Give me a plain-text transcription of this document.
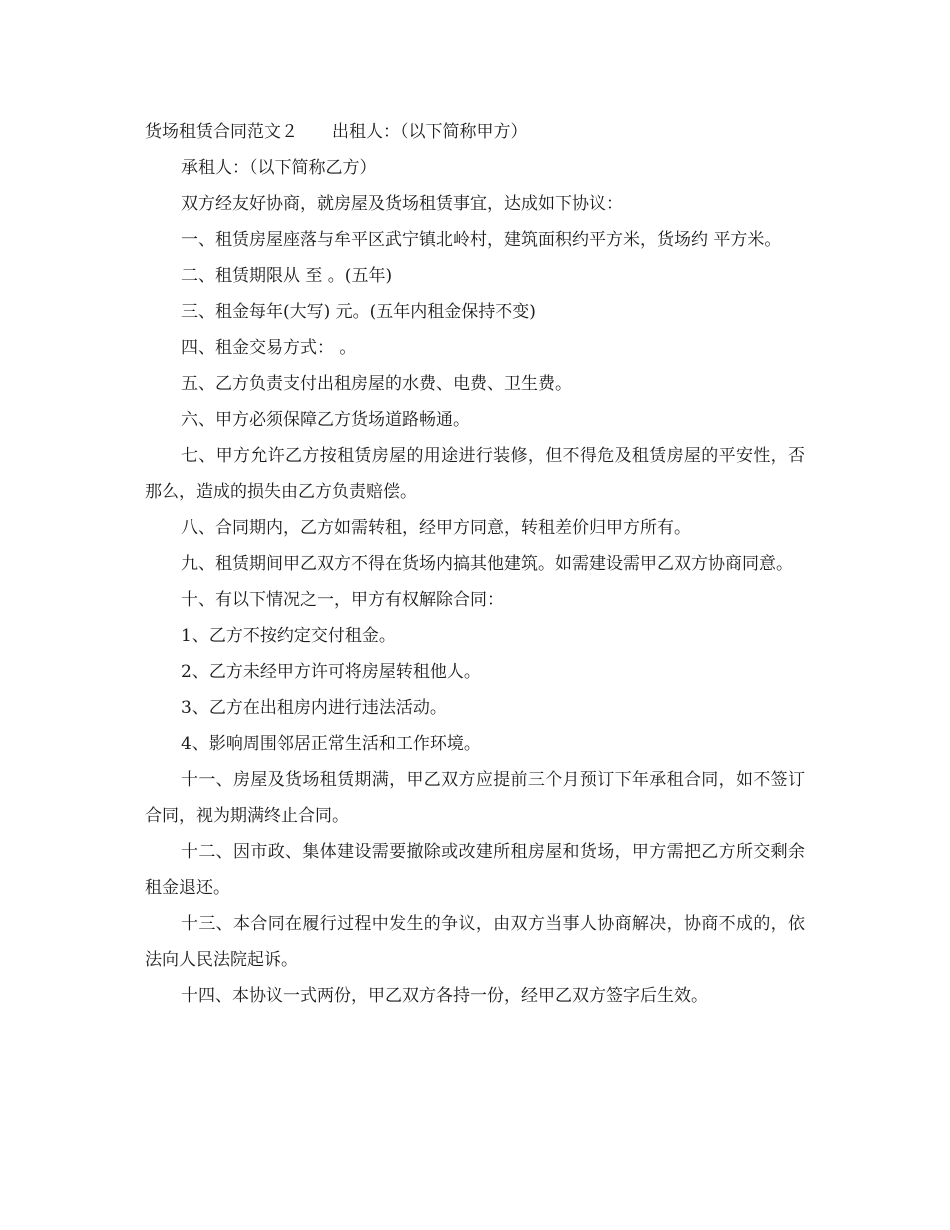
货场租赁合同范文２ 出租人：（以下简称甲方）

承租人：（以下简称乙方）

双方经友好协商，就房屋及货场租赁事宜，达成如下协议：

一、租赁房屋座落与牟平区武宁镇北岭村，建筑面积约平方米，货场约 平方米。

二、租赁期限从 至 。(五年)

三、租金每年(大写) 元。(五年内租金保持不变)

四、租金交易方式： 。

五、乙方负责支付出租房屋的水费、电费、卫生费。

六、甲方必须保障乙方货场道路畅通。

七、甲方允许乙方按租赁房屋的用途进行装修，但不得危及租赁房屋的平安性，否那么，造成的损失由乙方负责赔偿。

八、合同期内，乙方如需转租，经甲方同意，转租差价归甲方所有。

九、租赁期间甲乙双方不得在货场内搞其他建筑。如需建设需甲乙双方协商同意。

十、有以下情况之一，甲方有权解除合同：

1、乙方不按约定交付租金。

2、乙方未经甲方许可将房屋转租他人。

3、乙方在出租房内进行违法活动。

4、影响周围邻居正常生活和工作环境。

十一、房屋及货场租赁期满，甲乙双方应提前三个月预订下年承租合同，如不签订合同，视为期满终止合同。

十二、因市政、集体建设需要撤除或改建所租房屋和货场，甲方需把乙方所交剩余租金退还。

十三、本合同在履行过程中发生的争议，由双方当事人协商解决，协商不成的，依法向人民法院起诉。

十四、本协议一式两份，甲乙双方各持一份，经甲乙双方签字后生效。
